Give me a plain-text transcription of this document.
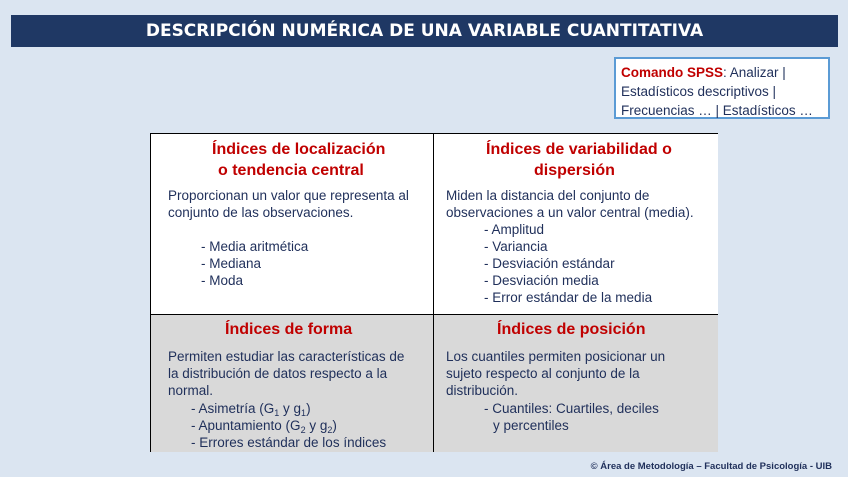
DESCRIPCIÓN NUMÉRICA DE UNA VARIABLE CUANTITATIVA
Comando SPSS: Analizar |
Estadísticos descriptivos |
Frecuencias … | Estadísticos …
Índices de localización
o tendencia central
Proporcionan un valor que representa al
conjunto de las observaciones.
- Media aritmética
- Mediana
- Moda
Índices de variabilidad o
dispersión
Miden la distancia del conjunto de
observaciones a un valor central (media).
- Amplitud
- Variancia
- Desviación estándar
- Desviación media
- Error estándar de la media
Índices de forma
Permiten estudiar las características de
la distribución de datos respecto a la
normal.
- Asimetría ($G_1$ y $g_1$)
- Apuntamiento ($G_2$ y $g_2$)
- Errores estándar de los índices
Índices de posición
Los cuantiles permiten posicionar un
sujeto respecto al conjunto de la
distribución.
- Cuantiles: Cuartiles, deciles
y percentiles
© Área de Metodología – Facultad de Psicología - UIB
